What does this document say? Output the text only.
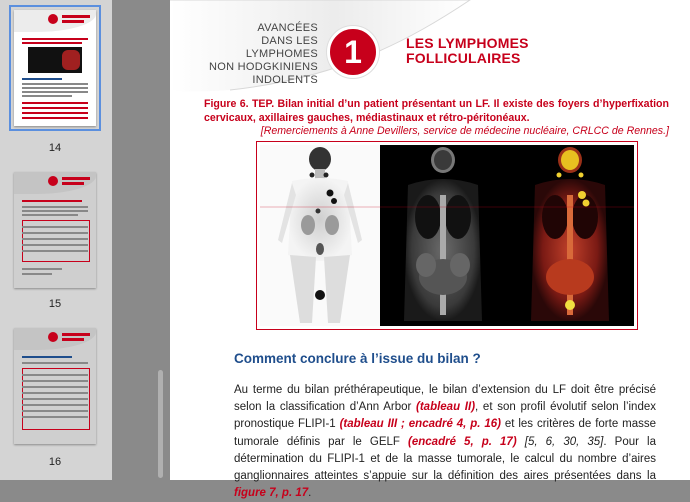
14
15
16
AVANCÉES
DANS LES LYMPHOMES
NON HODGKINIENS
INDOLENTS
1	LES LYMPHOMES
FOLLICULAIRES
Figure 6. TEP. Bilan initial d’un patient présentant un LF. Il existe des foyers d’hyperfixation cervicaux, axillaires gauches, médiastinaux et rétro-péritonéaux.
[Remerciements à Anne Devillers, service de médecine nucléaire, CRLCC de Rennes.]
Comment conclure à l’issue du bilan ?
Au terme du bilan préthérapeutique, le bilan d’extension du LF doit être précisé selon la classification d’Ann Arbor (tableau II), et son profil évolutif selon l’index pronostique FLIPI-1 (tableau III ; encadré 4, p. 16) et les critères de forte masse tumorale définis par le GELF (encadré 5, p. 17) [5, 6, 30, 35]. Pour la détermination du FLIPI-1 et de la masse tumorale, le calcul du nombre d’aires ganglionnaires atteintes s’appuie sur la définition des aires présentées dans la figure 7, p. 17.
